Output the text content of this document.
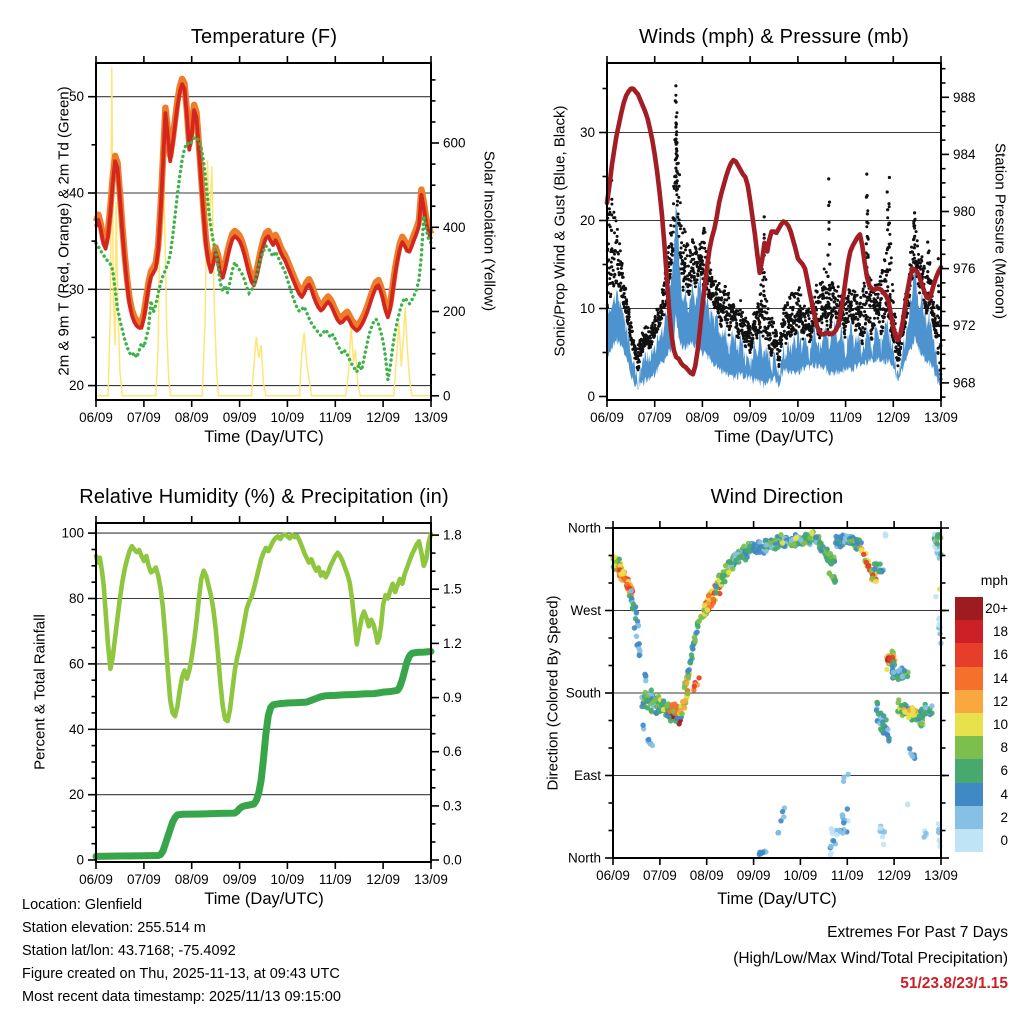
06/09 07/09 08/09 09/09 10/09 11/09 12/09 13/09
20
30
40
50
0
200
400
600
06/09 07/09 08/09 09/09 10/09 11/09 12/09 13/09
0
10
20
30
968
972
976
980
984
988
06/09 07/09 08/09 09/09 10/09 11/09 12/09 13/09
0
20
40
60
80
100
0.0
0.3
0.6
0.9
1.2
1.5
1.8
06/09 07/09 08/09 09/09 10/09 11/09 12/09 13/09
North
West
South
East
North
Temperature (F)
2m & 9m T (Red, Orange) & 2m Td (Green)	Solar Insolation (Yellow)
Time (Day/UTC)
Winds (mph) & Pressure (mb)
Sonic/Prop Wind & Gust (Blue, Black)	Station Pressure (Maroon)
Time (Day/UTC)
Relative Humidity (%) & Precipitation (in)
Percent & Total Rainfall
Time (Day/UTC)
Wind Direction
Direction (Colored By Speed)
Time (Day/UTC)
mph
20+
18
16
14
12
10
8
6
4
2
0
Location: Glenfield
Station elevation: 255.514 m
Station lat/lon: 43.7168; -75.4092
Figure created on Thu, 2025-11-13, at 09:43 UTC
Most recent data timestamp: 2025/11/13 09:15:00
Extremes For Past 7 Days
(High/Low/Max Wind/Total Precipitation)
51/23.8/23/1.15
